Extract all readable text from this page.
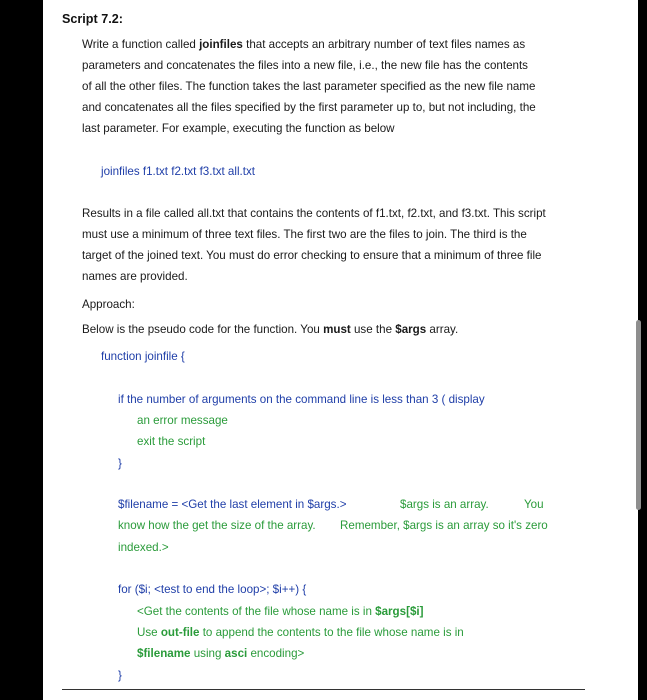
Script 7.2:
Write a function called joinfiles that accepts an arbitrary number of text files names as
parameters and concatenates the files into a new file, i.e., the new file has the contents
of all the other files. The function takes the last parameter specified as the new file name
and concatenates all the files specified by the first parameter up to, but not including, the
last parameter. For example, executing the function as below
joinfiles f1.txt f2.txt f3.txt all.txt
Results in a file called all.txt that contains the contents of f1.txt, f2.txt, and f3.txt. This script
must use a minimum of three text files. The first two are the files to join. The third is the
target of the joined text. You must do error checking to ensure that a minimum of three file
names are provided.
Approach:
Below is the pseudo code for the function. You must use the $args array.
function joinfile {
if the number of arguments on the command line is less than 3 ( display
an error message
exit the script
}
$filename = <Get the last element in $args.>	$args is an array.	You
know how the get the size of the array. Remember, $args is an array so it's zero
indexed.>
for ($i; <test to end the loop>; $i++) {
<Get the contents of the file whose name is in $args[$i]
Use out-file to append the contents to the file whose name is in
$filename using asci encoding>
}
